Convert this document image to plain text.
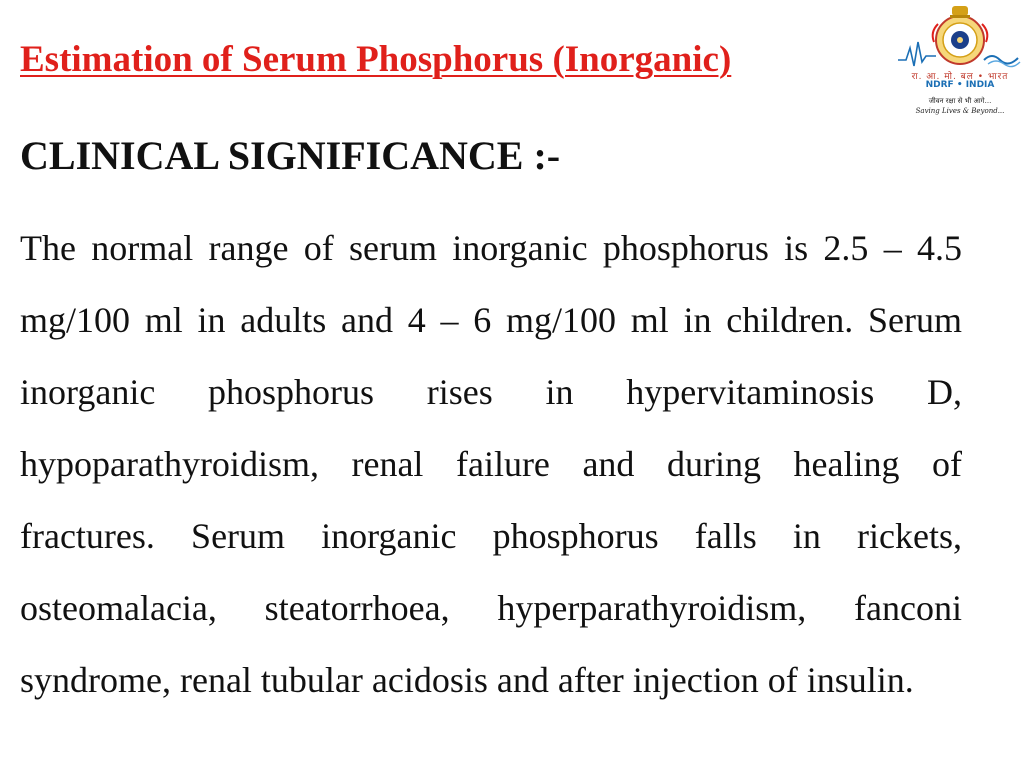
Estimation of Serum Phosphorus (Inorganic)	रा. आ. मो. बल • भारत
NDRF • INDIA
जीवन रक्षा से भी आगे...
Saving Lives & Beyond...
CLINICAL SIGNIFICANCE :-

The normal range of serum inorganic phosphorus is 2.5 – 4.5 mg/100 ml in adults and 4 – 6 mg/100 ml in children. Serum inorganic phosphorus rises in hypervitaminosis D, hypoparathyroidism, renal failure and during healing of fractures. Serum inorganic phosphorus falls in rickets, osteomalacia, steatorrhoea, hyperparathyroidism, fanconi syndrome, renal tubular acidosis and after injection of insulin.
